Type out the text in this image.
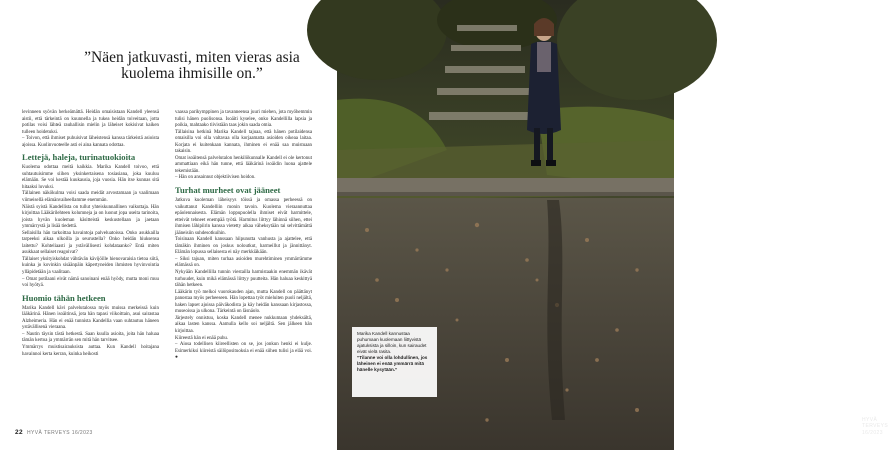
”Näen jatkuvasti, miten vieras asia kuolema ihmisille on.”
levinneen syövän herkeämättä. Heidän omaisistaan Kandell yleensä aistii, että tärkeintä on kuunnella ja tukea heidän toiveitaan, jotta potilas voisi lähteä rauhallisin mielin ja läheiset kokisivat kaiken tulleen hoidetuksi.
– Toivon, että ihmiset puhuisivat läheistensä kanssa tärkeistä asioista ajoissa. Kuolinvuoteelle asti ei aina kannata odottaa.
Lettejä, haleja, turinatuokioita
Kuolema odottaa meitä kaikkia. Marika Kandell toivoo, että suhtautuisimme siihen yksinkertaisena tosiasiana, joka kuuluu elämään. Se voi kestää kuukausia, joja vuosia. Hän itse kunnas sitä hitaaksi luvuksi.
Tällainen näkökulma voisi saada meidät arvostamaan ja vaalimaan viimeisellä elämänvaiheellamme enemmän.
Näistä syistä Kandellista on tullut yhteiskunnallinen vaikuttaja. Hän kirjoittaa Lääkärilehteen kolumneja ja on luonut jopa useita tarinoita, joista hyvän kuoleman käsitteistä keskustellaan ja jaetaan ymmärrystä ja lisää tiedettä.
Sellaisilla hän tarkoittaa havaintoja palveluatoissa. Onko asukkailla tarpeeksi aikaa ulkoilla ja seurustella? Onko heidän hiuksensa laitettu? Kohteliaasti ja ystävällisesti kohdataanko? Entä miten asukkaat sellaiset reagoivat?
Tällaiset yksityiskohdat vähtävän kävijöille hienovaraisia tietoa siitä, kuinka jo kovinkin sisäänpäin käpertyneiden ihmisten hyvinvointia ylläpidetään ja vaalitaan.
– Omat potilaani eivät nämä sanoinani enää hyödy, mutta moni muu voi hyötyä.
Huomio tähän hetkeen
Marika Kandell kävi palvelutalossa myös muissa merkeissä kuin lääkärinä. Hänen isoäitinsä, jota hän tapasi viikoittain, asui sairastaa Alzheimeria. Hän ei enää tunnista Kandellia vaan suhtautuu häneen ystävällisenä vieraana.
– Nautin täysin tästä hetkestä. Saan kuulla asioita, joita hän haluaa tämän kertoa ja ymmärrän sen mitä hän tarvitsee.
Ymmärrys muistisairauksista auttaa. Kun Kandell hoitajana havainnoi kerta kerran, kuinka heikosti
vaassa parikymppinen ja tavanneensa juuri miehen, jota myöhemmin tulisi hänen puolisonsa. Isoäiti kyselee, onko Kandellilla lapsia ja poikia, mahtaako tiivistään taas jokin saada omia.
Tällaisina hetkinä Marika Kandell tajuaa, että hänen potilaidensa omaisilla voi olla valtavaa olla korjaamatta asioiden oikeaa laitaa. Korjata ei kuitenkaan kannata, ihminen ei enää saa muistuaan takaisin.
Omat isoäitensä palvelutalon henkilökunnalle Kandell ei ole kertonut ammattiaan eikä hän tunne, että lääkärinä isoäidin luona ajattele tekemistään.
– Hän on ansainnut objektiivisen hoidon.
Turhat murheet ovat jääneet
Jatkuva kuoleman läheisyys töissä ja omassa perheessä on vaikuttanut Kandelliin monin tavoin. Kuolema vieraannuttaa epäolennaisesta. Elämän loppupuolella ihmiset eivät harmittele, etteivät tehneet enempää työtä. Harmitus liittyy lähinnä siihen, ettei ihmisen lähipiirin kanssa vietetty aikaa väheksytään tai selvittämättä jääneisiin suhdesotkuihin.
Toisinaan Kandell kanssaan hiipunutta vanhusta ja ajattelee, että tämäkin ihminen on joskus noloutkut, harmeillut ja jännittänyt. Elämän lopussa sellaisesta ei näy merkkiäkään.
– Siksi tajuan, miten turhaa asioiden murehtiminen ymmärrämme elämässä on.
Nykyään Kandellilla tunnin viestailla harmistaakin enemmän ikävät turhuudet, kuin mikä elämässä liittyy puutteita. Hän haluaa keskittyä tähän hetkeen.
Lääkärin työ melkoi vuorokauden ajan, mutta Kandell on päättänyt panostaa myös perheeseen. Hän lopettaa työt mieluiten puoli neljältä, haken lapset ajoissa päiväkodista ja käy heidän kanssaan kirjastossa, museoissa ja ulkona. Tärkeintä on läsnäolo.
Järjestely onnistuu, koska Kandell menee nukkumaan yhdeksältä, aikaa lasten kanssa. Aamulla kello soi neljältä. Sen jälkeen hän kirjoittaa.
Kiireestä hän ei enää puhu.
– Aiosa todellisen kiireellisten on se, jos jonkun henki ei kulje. Esimerkiksi kiireistä säilöposituoksia ei enää siihen tulisi ja elää voi. ●
22 HYVÄ TERVEYS 16/2023
HYVÄ TERVEYS 16/2023 23
Marika Kandell kannustaa puhumaan kuolemaan liittyvistä ajatuksista ja silloin, kun sairaudet eivät vielä rasita.
”Tilanne voi olla lohdullinen, jos läheinen ei enää ymmärrä mitä hänelle kysytään.”
